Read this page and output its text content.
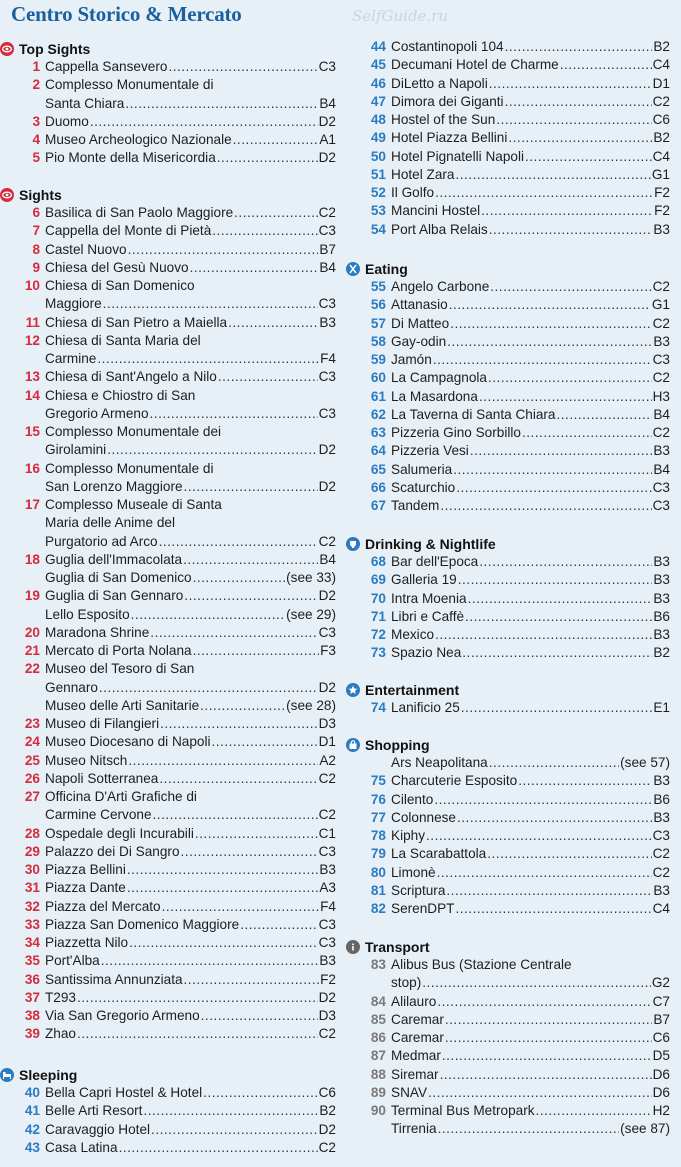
Centro Storico & Mercato	SelfGuide.ru
Top Sights
1 Cappella Sansevero .....	C3
2 Complesso Monumentale di
Santa Chiara .....	B4
3 Duomo .....	D2
4 Museo Archeologico Nazionale .....	A1
5 Pio Monte della Misericordia .....	D2
Sights
6 Basilica di San Paolo Maggiore .....	C2
7 Cappella del Monte di Pietà .....	C3
8 Castel Nuovo .....	B7
9 Chiesa del Gesù Nuovo .....	B4
10 Chiesa di San Domenico
Maggiore .....	C3
11 Chiesa di San Pietro a Maiella .....	B3
12 Chiesa di Santa Maria del
Carmine .....	F4
13 Chiesa di Sant'Angelo a Nilo .....	C3
14 Chiesa e Chiostro di San
Gregorio Armeno .....	C3
15 Complesso Monumentale dei
Girolamini .....	D2
16 Complesso Monumentale di
San Lorenzo Maggiore .....	D2
17 Complesso Museale di Santa
Maria delle Anime del
Purgatorio ad Arco .....	C2
18 Guglia dell'Immacolata .....	B4
Guglia di San Domenico .....	(see 33)
19 Guglia di San Gennaro .....	D2
Lello Esposito .....	(see 29)
20 Maradona Shrine .....	C3
21 Mercato di Porta Nolana .....	F3
22 Museo del Tesoro di San
Gennaro .....	D2
Museo delle Arti Sanitarie .....	(see 28)
23 Museo di Filangieri .....	D3
24 Museo Diocesano di Napoli .....	D1
25 Museo Nitsch .....	A2
26 Napoli Sotterranea .....	C2
27 Officina D'Arti Grafiche di
Carmine Cervone .....	C2
28 Ospedale degli Incurabili .....	C1
29 Palazzo dei Di Sangro .....	C3
30 Piazza Bellini .....	B3
31 Piazza Dante .....	A3
32 Piazza del Mercato .....	F4
33 Piazza San Domenico Maggiore .....	C3
34 Piazzetta Nilo .....	C3
35 Port'Alba .....	B3
36 Santissima Annunziata .....	F2
37 T293 .....	D2
38 Via San Gregorio Armeno .....	D3
39 Zhao .....	C2
Sleeping
40 Bella Capri Hostel & Hotel .....	C6
41 Belle Arti Resort .....	B2
42 Caravaggio Hotel .....	D2
43 Casa Latina .....	C2
44 Costantinopoli 104 .....	B2
45 Decumani Hotel de Charme .....	C4
46 DiLetto a Napoli .....	D1
47 Dimora dei Giganti .....	C2
48 Hostel of the Sun .....	C6
49 Hotel Piazza Bellini .....	B2
50 Hotel Pignatelli Napoli .....	C4
51 Hotel Zara .....	G1
52 Il Golfo .....	F2
53 Mancini Hostel .....	F2
54 Port Alba Relais .....	B3
Eating
55 Angelo Carbone .....	C2
56 Attanasio .....	G1
57 Di Matteo .....	C2
58 Gay-odin .....	B3
59 Jamón .....	C3
60 La Campagnola .....	C2
61 La Masardona .....	H3
62 La Taverna di Santa Chiara .....	B4
63 Pizzeria Gino Sorbillo .....	C2
64 Pizzeria Vesi .....	B3
65 Salumeria .....	B4
66 Scaturchio .....	C3
67 Tandem .....	C3
Drinking & Nightlife
68 Bar dell'Epoca .....	B3
69 Galleria 19 .....	B3
70 Intra Moenia .....	B3
71 Libri e Caffè .....	B6
72 Mexico .....	B3
73 Spazio Nea .....	B2
Entertainment
74 Lanificio 25 .....	E1
Shopping
Ars Neapolitana .....	(see 57)
75 Charcuterie Esposito .....	B3
76 Cilento .....	B6
77 Colonnese .....	B3
78 Kiphy .....	C3
79 La Scarabattola .....	C2
80 Limonè .....	C2
81 Scriptura .....	B3
82 SerenDPT .....	C4
Transport
83 Alibus Bus (Stazione Centrale
stop) .....	G2
84 Alilauro .....	C7
85 Caremar .....	B7
86 Caremar .....	C6
87 Medmar .....	D5
88 Siremar .....	D6
89 SNAV .....	D6
90 Terminal Bus Metropark .....	H2
Tirrenia .....	(see 87)
